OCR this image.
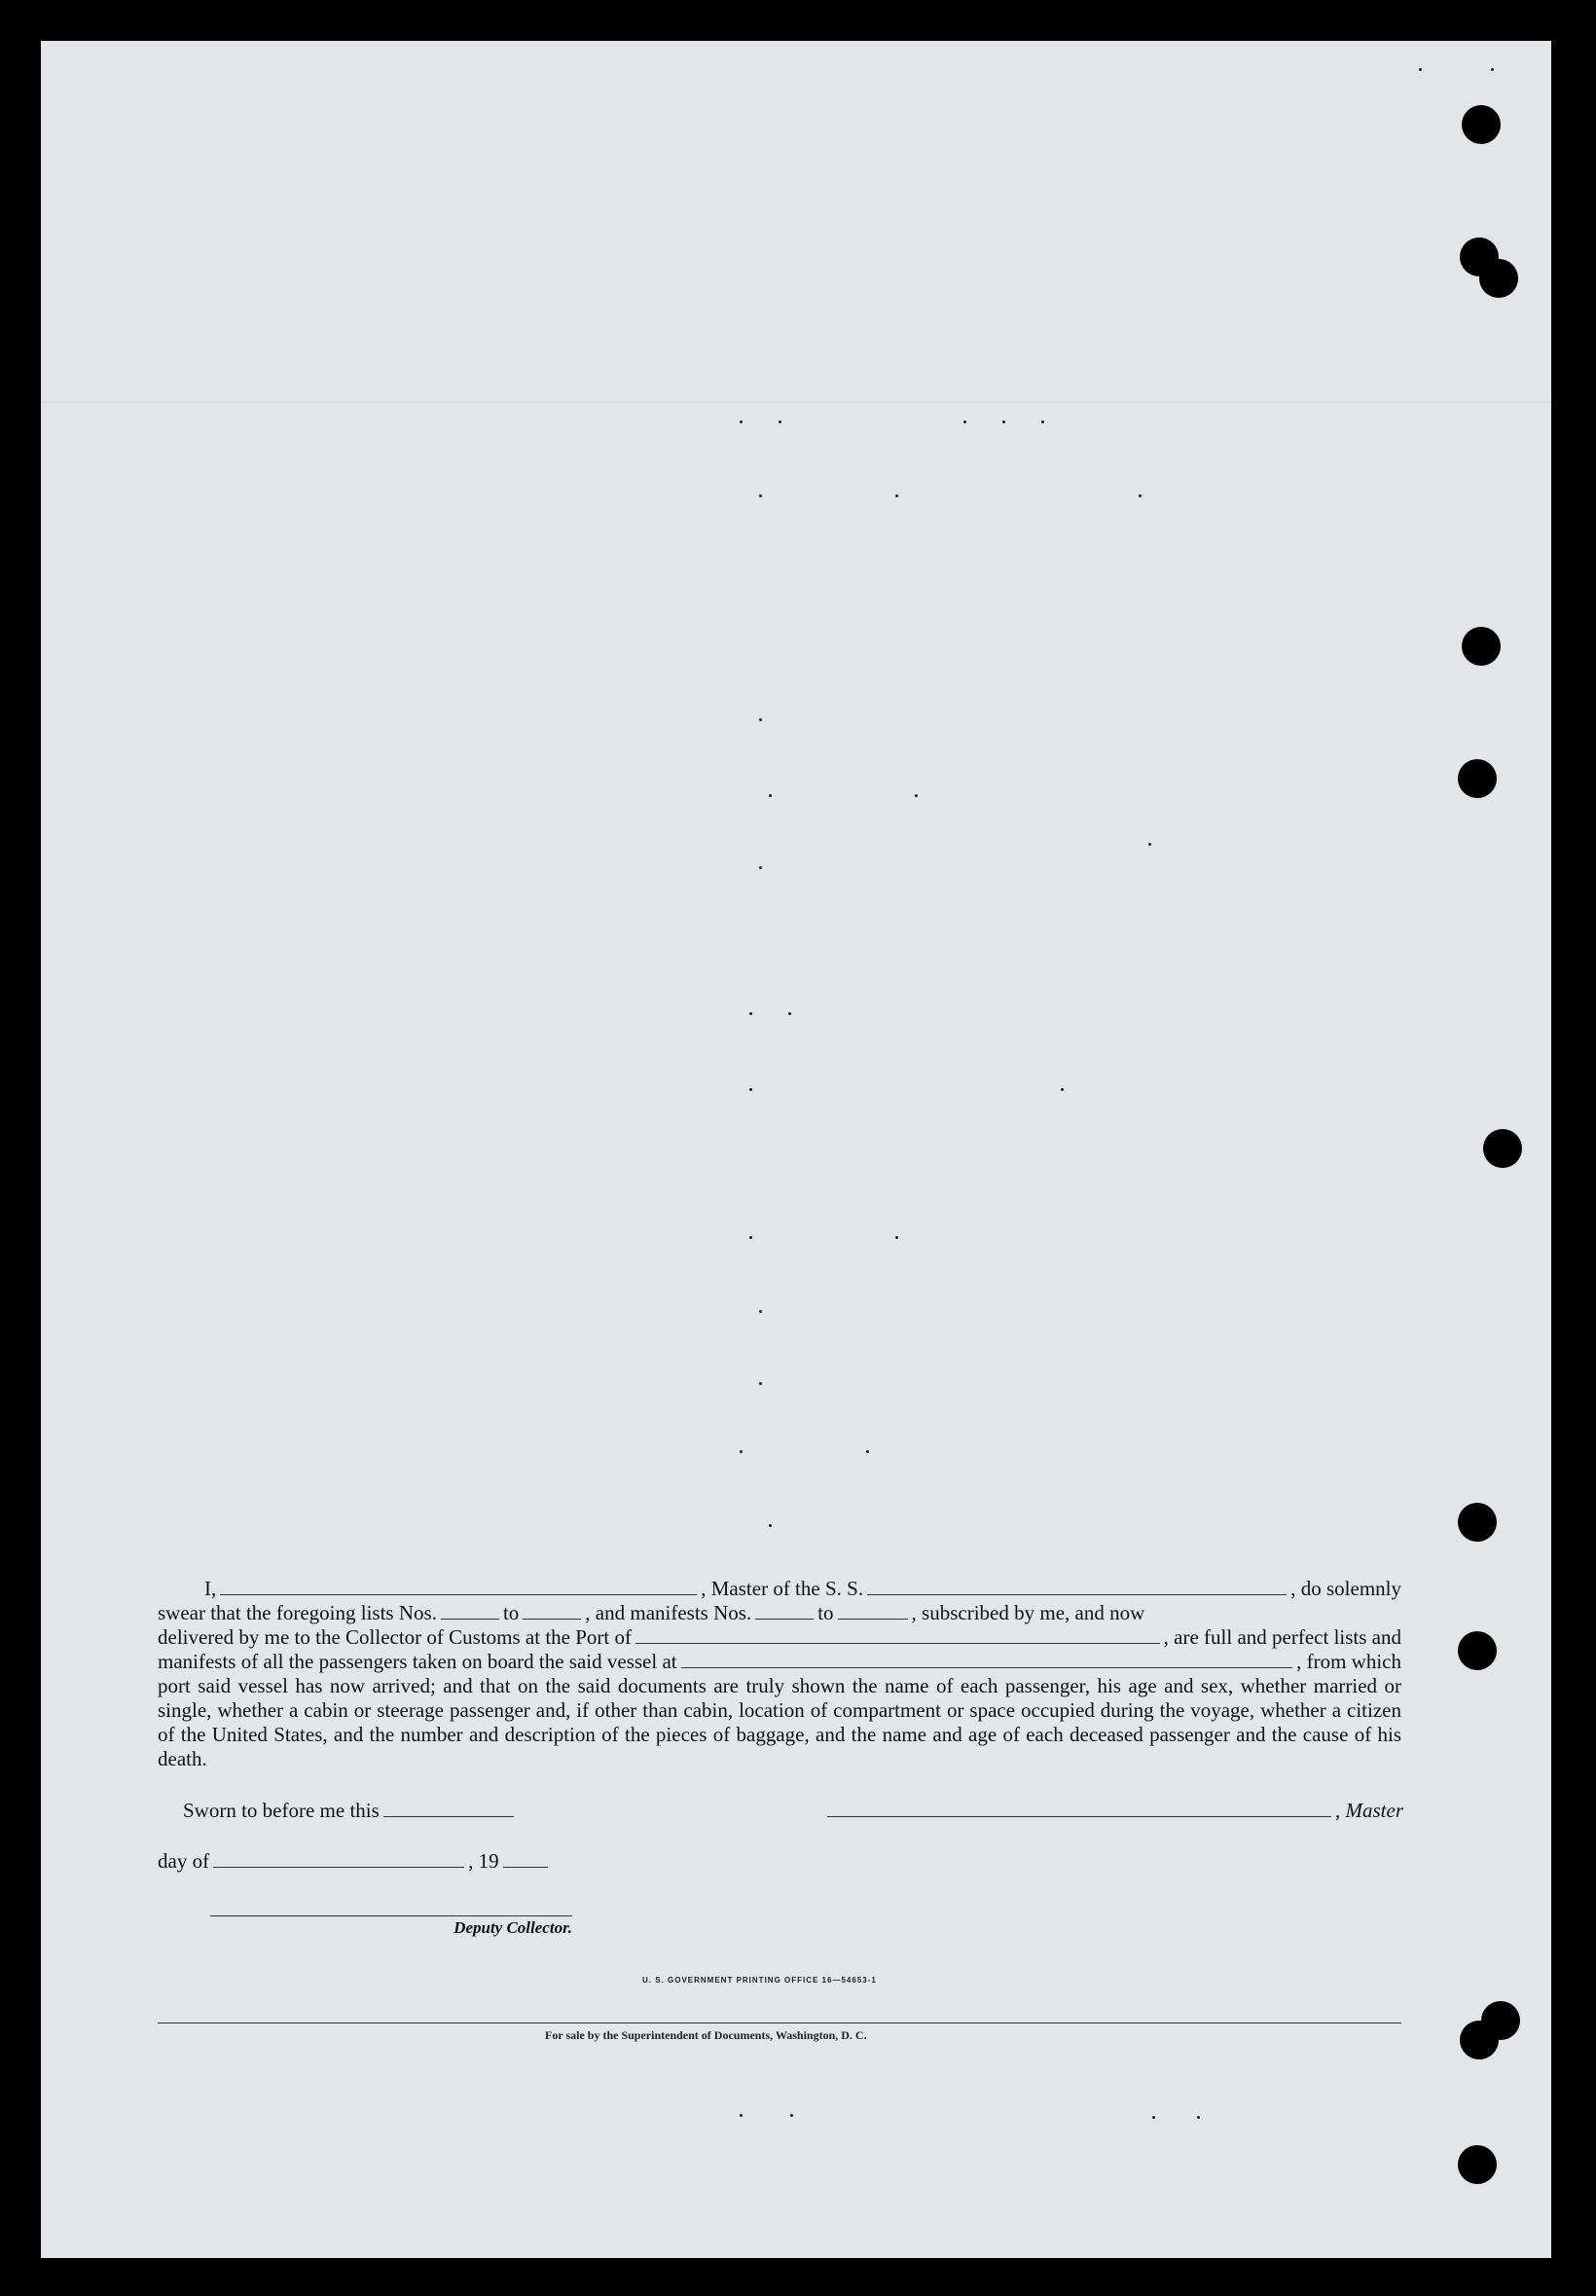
I,	, Master of the S. S.	, do solemnly
swear that the foregoing lists Nos.	to	, and manifests Nos.	to	, subscribed by me, and now
delivered by me to the Collector of Customs at the Port of	, are full and perfect lists and
manifests of all the passengers taken on board the said vessel at	, from which
port said vessel has now arrived; and that on the said documents are truly shown the name of each passenger, his age and sex, whether married or single, whether a cabin or steerage passenger and, if other than cabin, location of compartment or space occupied during the voyage, whether a citizen of the United States, and the number and description of the pieces of baggage, and the name and age of each deceased passenger and the cause of his death.
Sworn to before me this	, Master
day of	, 19
Deputy Collector.
U. S. GOVERNMENT PRINTING OFFICE 16—54653-1
For sale by the Superintendent of Documents, Washington, D. C.
